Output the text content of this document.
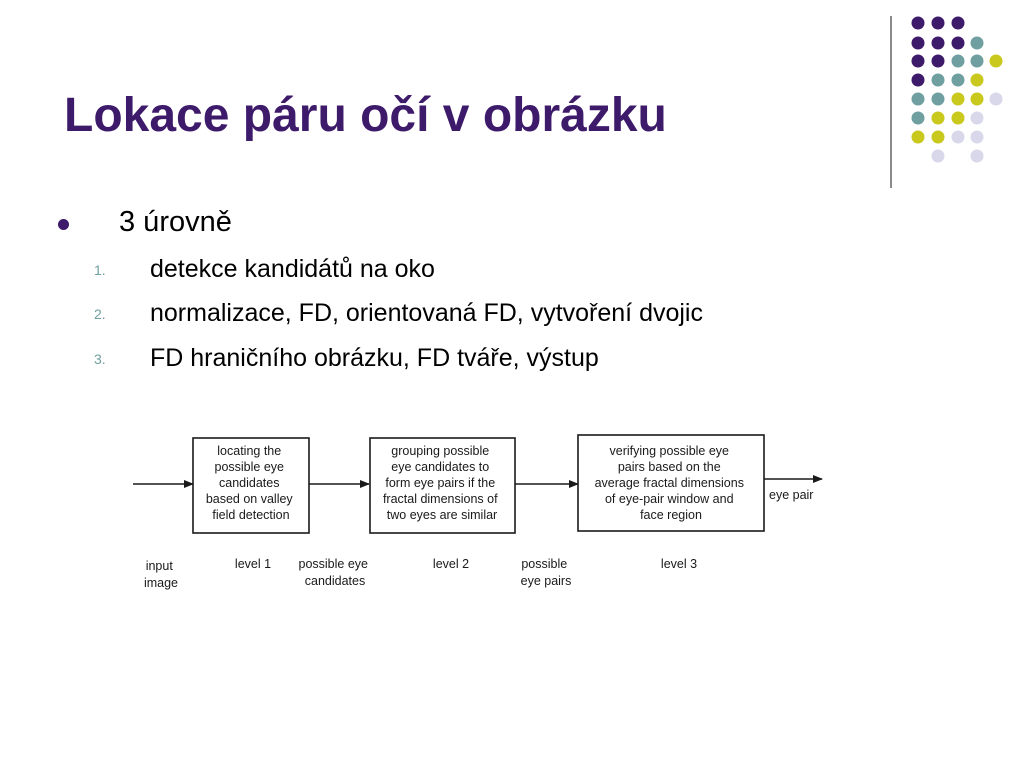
Lokace páru očí v obrázku
3 úrovně
1. detekce kandidátů na oko
2. normalizace, FD, orientovaná FD, vytvoření dvojic
3. FD hraničního obrázku, FD tváře, výstup
locating the possible eye candidates based on valley field detection
grouping possible eye candidates to form eye pairs if the fractal dimensions of two eyes are similar
verifying possible eye pairs based on the average fractal dimensions of eye-pair window and face region
eye pair
input image
level 1 possible eye candidates
level 2	possible eye pairs
level 3
